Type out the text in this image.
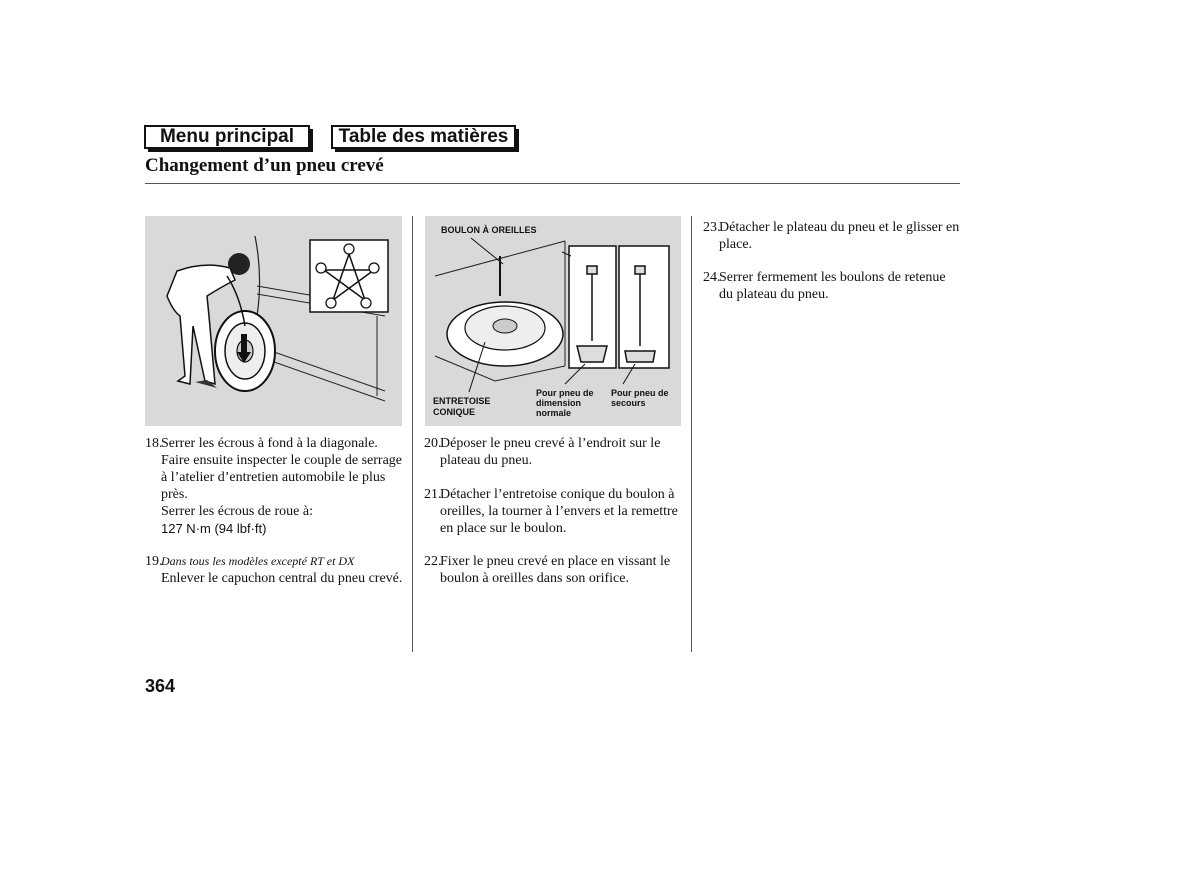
Menu principal	Table des matières
Changement d’un pneu crevé
BOULON À OREILLES
ENTRETOISE
CONIQUE
Pour pneu de
dimension
normale
Pour pneu de
secours
18.
Serrer les écrous à fond à la diagonale. Faire ensuite inspecter le couple de serrage à l’atelier d’entretien automobile le plus près.
Serrer les écrous de roue à:
127 N·m (94 lbf·ft)
19.
Dans tous les modèles excepté RT et DX
Enlever le capuchon central du pneu crevé.
20.
Déposer le pneu crevé à l’endroit sur le plateau du pneu.
21.
Détacher l’entretoise conique du boulon à oreilles, la tourner à l’envers et la remettre en place sur le boulon.
22.
Fixer le pneu crevé en place en vissant le boulon à oreilles dans son orifice.
23.
Détacher le plateau du pneu et le glisser en place.
24.
Serrer fermement les boulons de retenue du plateau du pneu.
364
